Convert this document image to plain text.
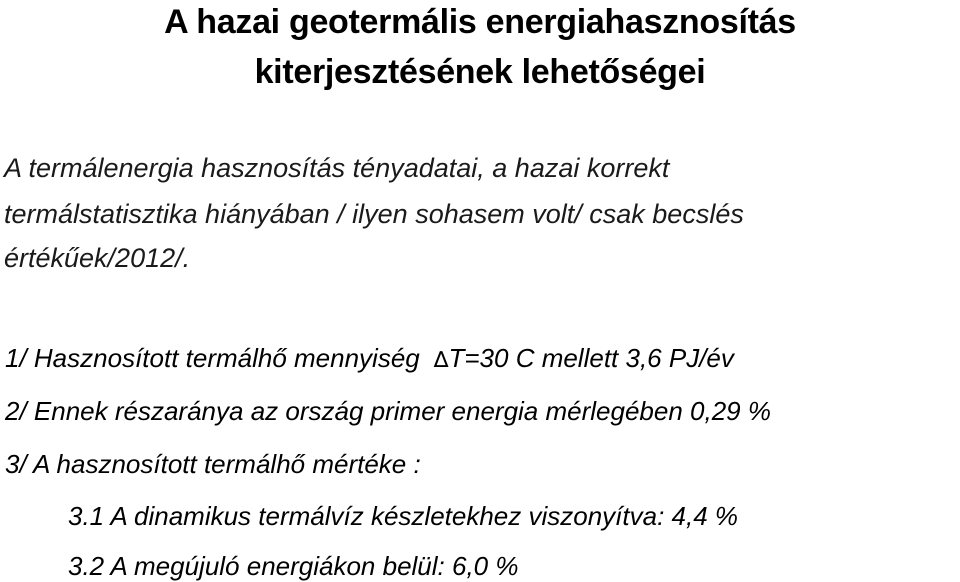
A hazai geotermális energiahasznosítás
kiterjesztésének lehetőségei
A termálenergia hasznosítás tényadatai, a hazai korrekt
termálstatisztika hiányában / ilyen sohasem volt/ csak becslés
értékűek/2012/.
1/ Hasznosított termálhő mennyiség ∆T=30 C mellett 3,6 PJ/év
2/ Ennek részaránya az ország primer energia mérlegében 0,29 %
3/ A hasznosított termálhő mértéke :
3.1 A dinamikus termálvíz készletekhez viszonyítva: 4,4 %
3.2 A megújuló energiákon belül: 6,0 %
